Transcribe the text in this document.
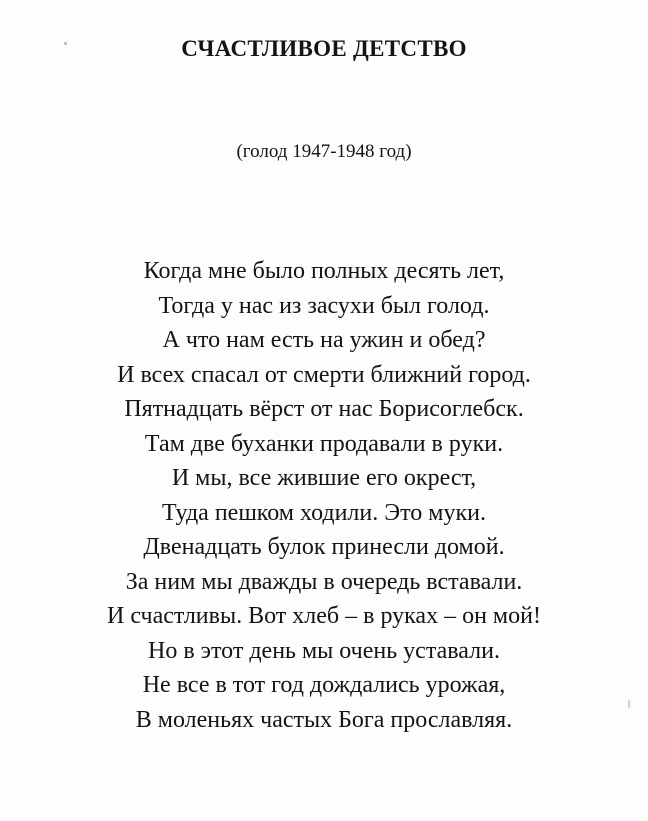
СЧАСТЛИВОЕ ДЕТСТВО

(голод 1947-1948 год)

Когда мне было полных десять лет,
Тогда у нас из засухи был голод.
А что нам есть на ужин и обед?
И всех спасал от смерти ближний город.
Пятнадцать вёрст от нас Борисоглебск.
Там две буханки продавали в руки.
И мы, все жившие его окрест,
Туда пешком ходили. Это муки.
Двенадцать булок принесли домой.
За ним мы дважды в очередь вставали.
И счастливы. Вот хлеб – в руках – он мой!
Но в этот день мы очень уставали.
Не все в тот год дождались урожая,
В моленьях частых Бога прославляя.
